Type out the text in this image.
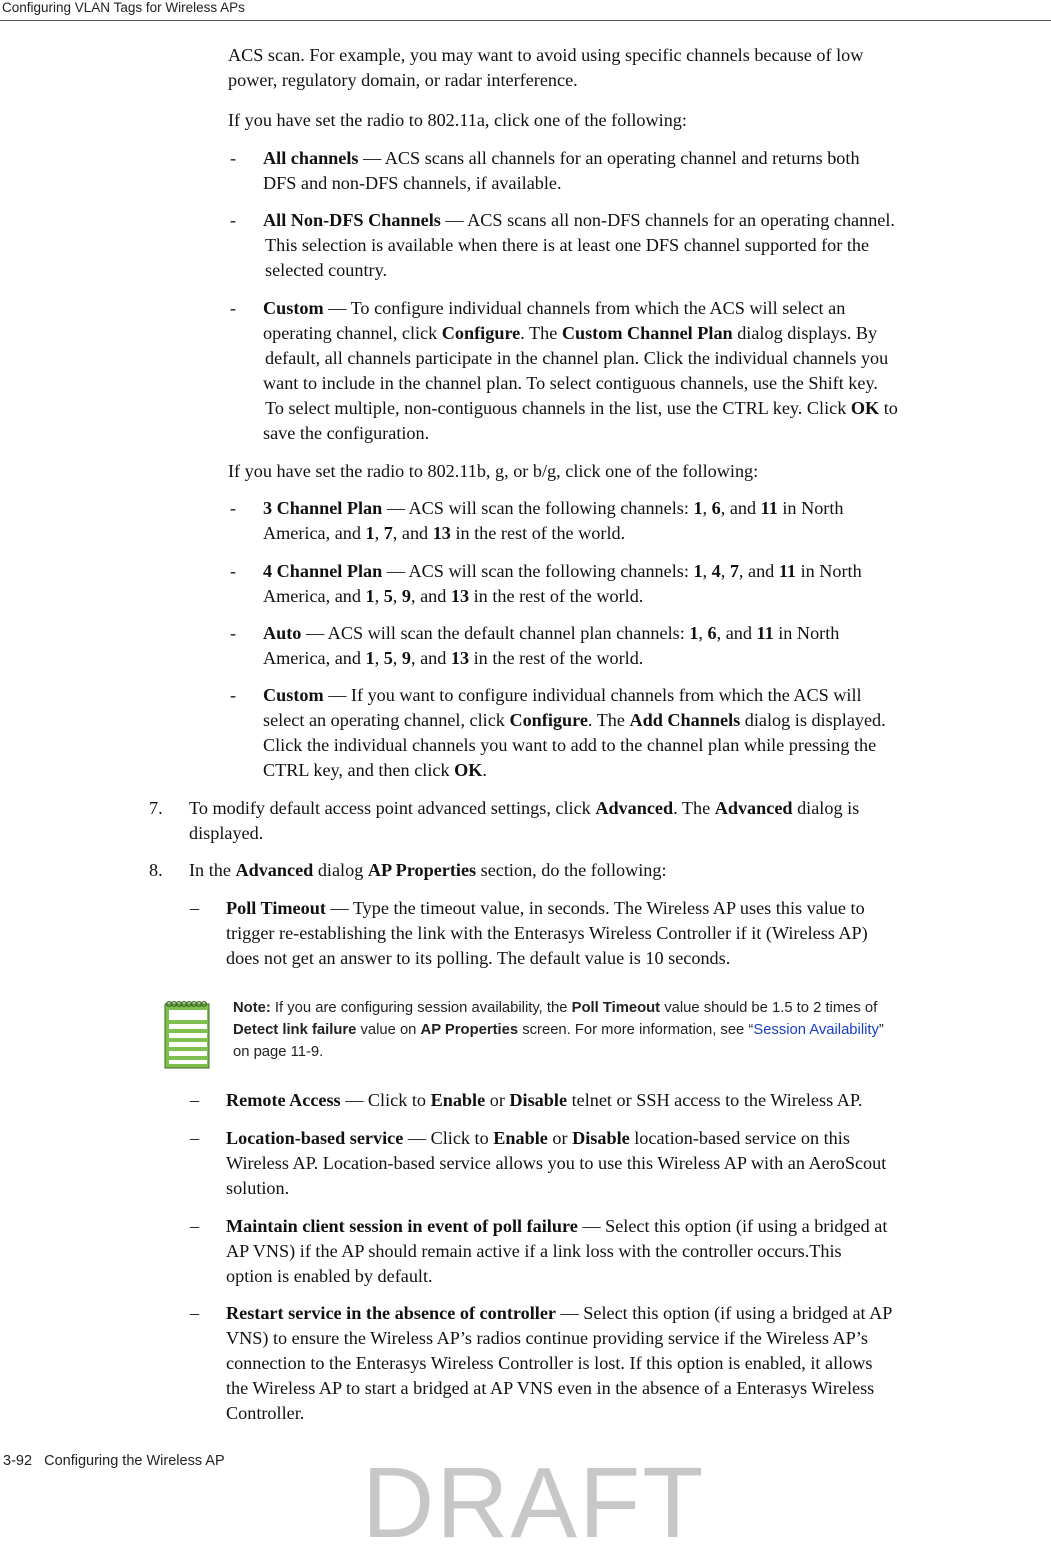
Configuring VLAN Tags for Wireless APs

ACS scan. For example, you may want to avoid using specific channels because of low

power, regulatory domain, or radar interference.

If you have set the radio to 802.11a, click one of the following:

- All channels — ACS scans all channels for an operating channel and returns both

DFS and non-DFS channels, if available.

- All Non-DFS Channels — ACS scans all non-DFS channels for an operating channel.

This selection is available when there is at least one DFS channel supported for the

selected country.

- Custom — To configure individual channels from which the ACS will select an

operating channel, click Configure. The Custom Channel Plan dialog displays. By

default, all channels participate in the channel plan. Click the individual channels you

want to include in the channel plan. To select contiguous channels, use the Shift key.

To select multiple, non-contiguous channels in the list, use the CTRL key. Click OK to

save the configuration.

If you have set the radio to 802.11b, g, or b/g, click one of the following:

- 3 Channel Plan — ACS will scan the following channels: 1, 6, and 11 in North

America, and 1, 7, and 13 in the rest of the world.

- 4 Channel Plan — ACS will scan the following channels: 1, 4, 7, and 11 in North

America, and 1, 5, 9, and 13 in the rest of the world.

- Auto — ACS will scan the default channel plan channels: 1, 6, and 11 in North

America, and 1, 5, 9, and 13 in the rest of the world.

- Custom — If you want to configure individual channels from which the ACS will

select an operating channel, click Configure. The Add Channels dialog is displayed.

Click the individual channels you want to add to the channel plan while pressing the

CTRL key, and then click OK.

7. To modify default access point advanced settings, click Advanced. The Advanced dialog is

displayed.

8. In the Advanced dialog AP Properties section, do the following:

– Poll Timeout — Type the timeout value, in seconds. The Wireless AP uses this value to

trigger re-establishing the link with the Enterasys Wireless Controller if it (Wireless AP)

does not get an answer to its polling. The default value is 10 seconds.

– Remote Access — Click to Enable or Disable telnet or SSH access to the Wireless AP.

– Location-based service — Click to Enable or Disable location-based service on this

Wireless AP. Location-based service allows you to use this Wireless AP with an AeroScout

solution.

– Maintain client session in event of poll failure — Select this option (if using a bridged at

AP VNS) if the AP should remain active if a link loss with the controller occurs.This

option is enabled by default.

– Restart service in the absence of controller — Select this option (if using a bridged at AP

VNS) to ensure the Wireless AP’s radios continue providing service if the Wireless AP’s

connection to the Enterasys Wireless Controller is lost. If this option is enabled, it allows

the Wireless AP to start a bridged at AP VNS even in the absence of a Enterasys Wireless

Controller.

Note: If you are configuring session availability, the Poll Timeout value should be 1.5 to 2 times of
Detect link failure value on AP Properties screen. For more information, see “Session Availability”
on page 11-9.
3-92 Configuring the Wireless AP DRAFT
